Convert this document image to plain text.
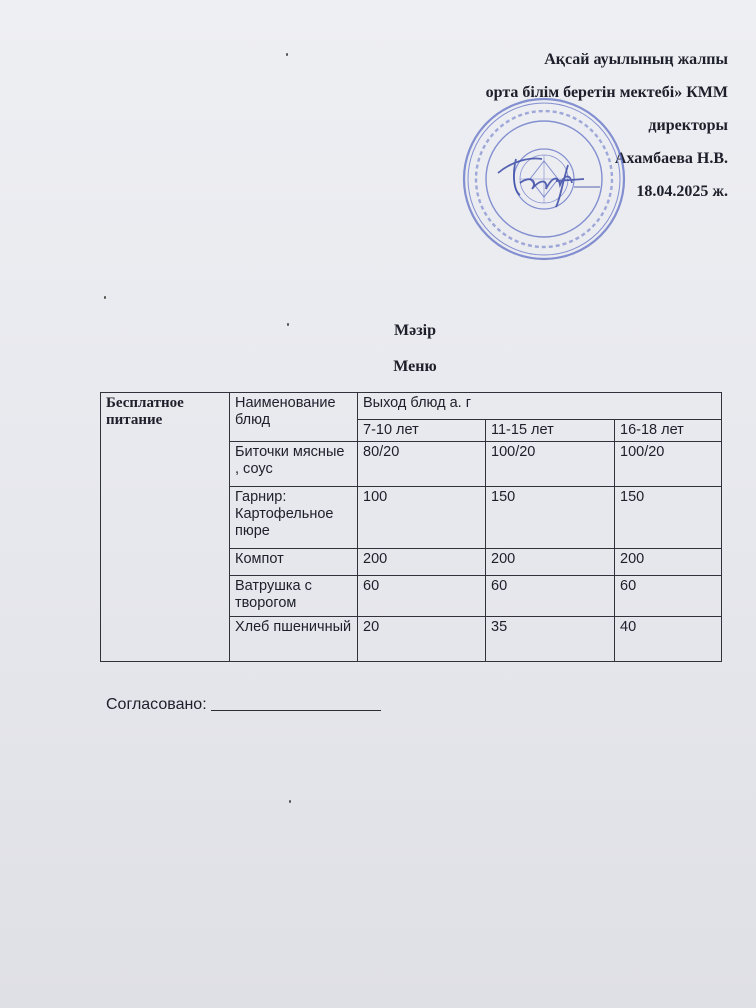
Ақсай ауылының жалпы
орта білім беретін мектебі» КММ
директоры
Ахамбаева Н.В.
18.04.2025 ж.
Мәзір
Меню
Бесплатное питание	Наименование блюд	Выход блюд а. г		
		7-10 лет	11-15 лет	16-18 лет
	Биточки мясные , соус	80/20	100/20	100/20
	Гарнир: Картофельное пюре	100	150	150
	Компот	200	200	200
	Ватрушка с творогом	60	60	60
	Хлеб пшеничный	20	35	40
Согласовано:
